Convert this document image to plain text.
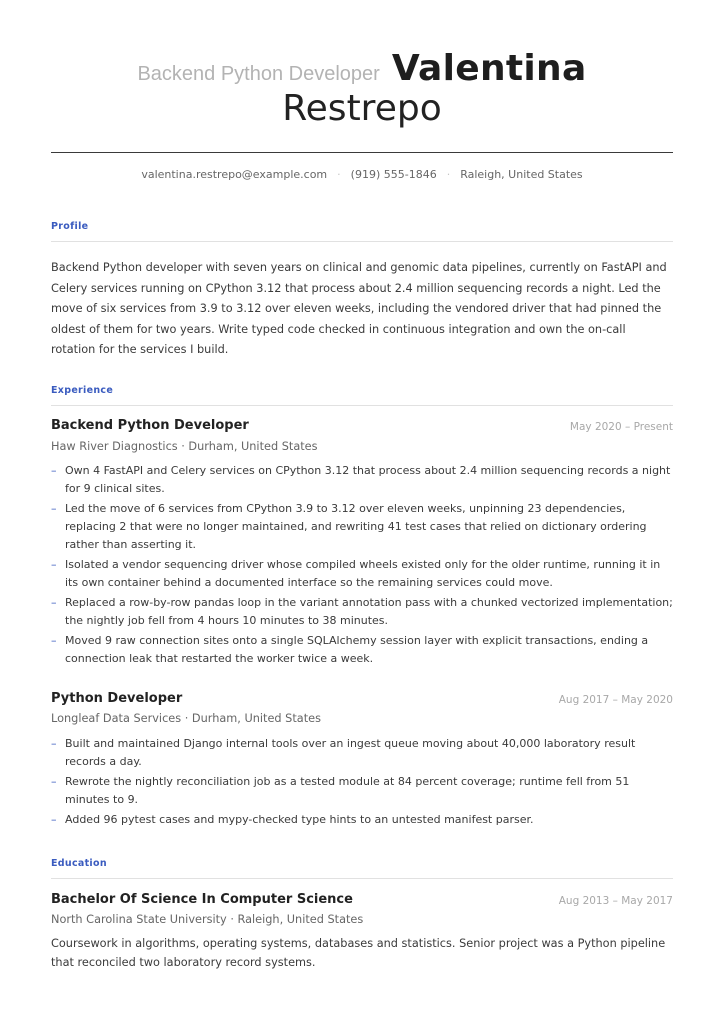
Backend Python Developer Valentina
Restrepo
valentina.restrepo@example.com · (919) 555-1846 · Raleigh, United States
Profile
Backend Python developer with seven years on clinical and genomic data pipelines, currently on FastAPI and Celery services running on CPython 3.12 that process about 2.4 million sequencing records a night. Led the move of six services from 3.9 to 3.12 over eleven weeks, including the vendored driver that had pinned the oldest of them for two years. Write typed code checked in continuous integration and own the on-call rotation for the services I build.
Experience
Backend Python Developer	May 2020 – Present
Haw River Diagnostics · Durham, United States
– Own 4 FastAPI and Celery services on CPython 3.12 that process about 2.4 million sequencing records a night for 9 clinical sites.
– Led the move of 6 services from CPython 3.9 to 3.12 over eleven weeks, unpinning 23 dependencies, replacing 2 that were no longer maintained, and rewriting 41 test cases that relied on dictionary ordering rather than asserting it.
– Isolated a vendor sequencing driver whose compiled wheels existed only for the older runtime, running it in its own container behind a documented interface so the remaining services could move.
– Replaced a row-by-row pandas loop in the variant annotation pass with a chunked vectorized implementation; the nightly job fell from 4 hours 10 minutes to 38 minutes.
– Moved 9 raw connection sites onto a single SQLAlchemy session layer with explicit transactions, ending a connection leak that restarted the worker twice a week.
Python Developer	Aug 2017 – May 2020
Longleaf Data Services · Durham, United States
– Built and maintained Django internal tools over an ingest queue moving about 40,000 laboratory result records a day.
– Rewrote the nightly reconciliation job as a tested module at 84 percent coverage; runtime fell from 51 minutes to 9.
– Added 96 pytest cases and mypy-checked type hints to an untested manifest parser.
Education
Bachelor Of Science In Computer Science	Aug 2013 – May 2017
North Carolina State University · Raleigh, United States
Coursework in algorithms, operating systems, databases and statistics. Senior project was a Python pipeline that reconciled two laboratory record systems.
